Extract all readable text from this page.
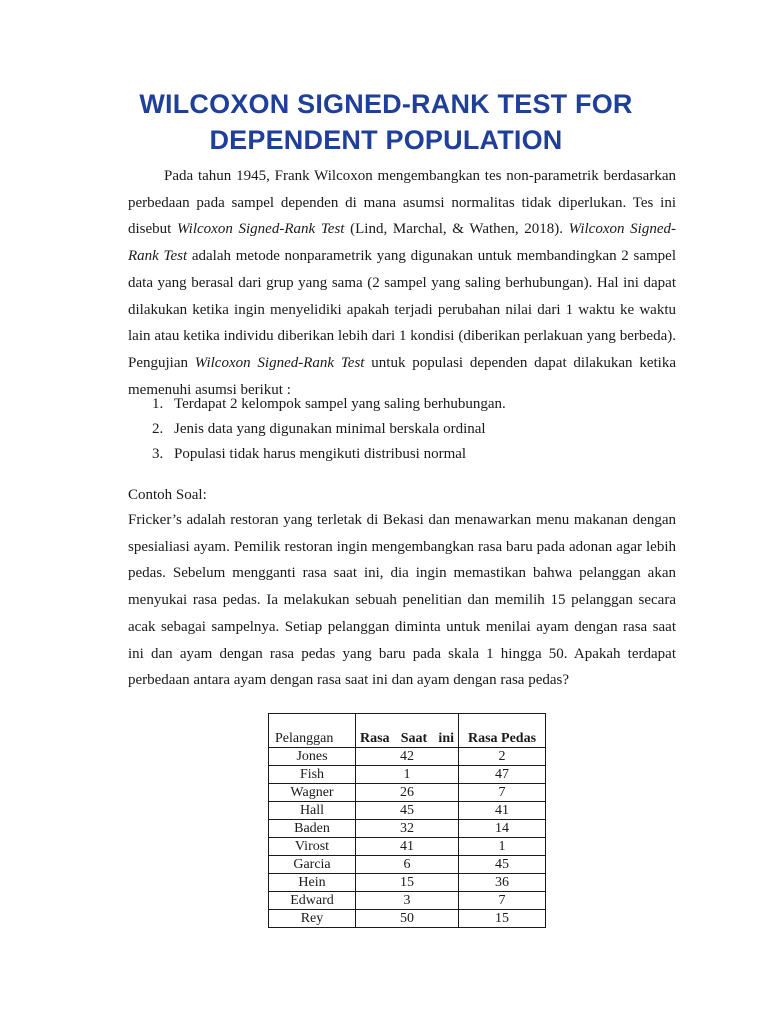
WILCOXON SIGNED-RANK TEST FOR DEPENDENT POPULATION

Pada tahun 1945, Frank Wilcoxon mengembangkan tes non-parametrik berdasarkan perbedaan pada sampel dependen di mana asumsi normalitas tidak diperlukan. Tes ini disebut Wilcoxon Signed-Rank Test (Lind, Marchal, & Wathen, 2018). Wilcoxon Signed-Rank Test adalah metode nonparametrik yang digunakan untuk membandingkan 2 sampel data yang berasal dari grup yang sama (2 sampel yang saling berhubungan). Hal ini dapat dilakukan ketika ingin menyelidiki apakah terjadi perubahan nilai dari 1 waktu ke waktu lain atau ketika individu diberikan lebih dari 1 kondisi (diberikan perlakuan yang berbeda). Pengujian Wilcoxon Signed-Rank Test untuk populasi dependen dapat dilakukan ketika memenuhi asumsi berikut :

1. Terdapat 2 kelompok sampel yang saling berhubungan.
2. Jenis data yang digunakan minimal berskala ordinal
3. Populasi tidak harus mengikuti distribusi normal
Contoh Soal:

Fricker’s adalah restoran yang terletak di Bekasi dan menawarkan menu makanan dengan spesialiasi ayam. Pemilik restoran ingin mengembangkan rasa baru pada adonan agar lebih pedas. Sebelum mengganti rasa saat ini, dia ingin memastikan bahwa pelanggan akan menyukai rasa pedas. Ia melakukan sebuah penelitian dan memilih 15 pelanggan secara acak sebagai sampelnya. Setiap pelanggan diminta untuk menilai ayam dengan rasa saat ini dan ayam dengan rasa pedas yang baru pada skala 1 hingga 50. Apakah terdapat perbedaan antara ayam dengan rasa saat ini dan ayam dengan rasa pedas?

Pelanggan	Rasa Saat ini	Rasa Pedas
Jones	42	2
Fish	1	47
Wagner	26	7
Hall	45	41
Baden	32	14
Virost	41	1
Garcia	6	45
Hein	15	36
Edward	3	7
Rey	50	15
